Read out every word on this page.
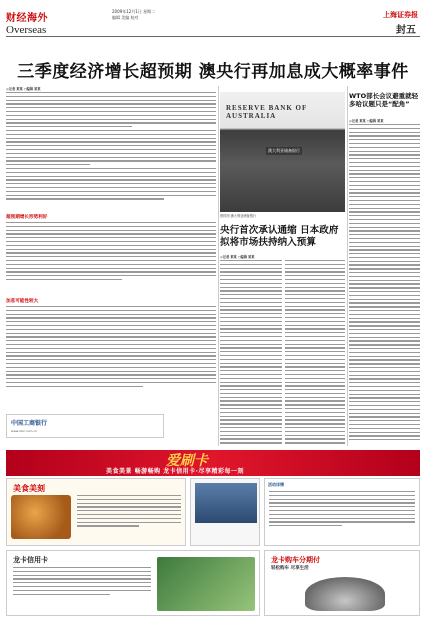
财经海外
Overseas
2009年12月1日 星期二
编辑 美编 校对	上海证券报
封五
三季度经济增长超预期 澳央行再加息成大概率事件
◎记者 某某 ○编辑 某某
超预期增长形势利好
加息可能性较大
中国工商银行
www.icbc.com.cn
RESERVE BANK OF AUSTRALIA
澳大利亚储备银行
资料图 澳大利亚储备银行
央行首次承认通缩 日本政府拟将市场扶持纳入预算
◎记者 某某 ○编辑 某某
WTO部长会议避重就轻 多哈议题只是“配角”
◎记者 某某 ○编辑 某某
爱刷卡
美食美景 畅游畅购 龙卡信用卡·尽享精彩每一刻
美食美刻	活动详情
龙卡信用卡	龙卡购车分期付
轻松购车 尽享生活
